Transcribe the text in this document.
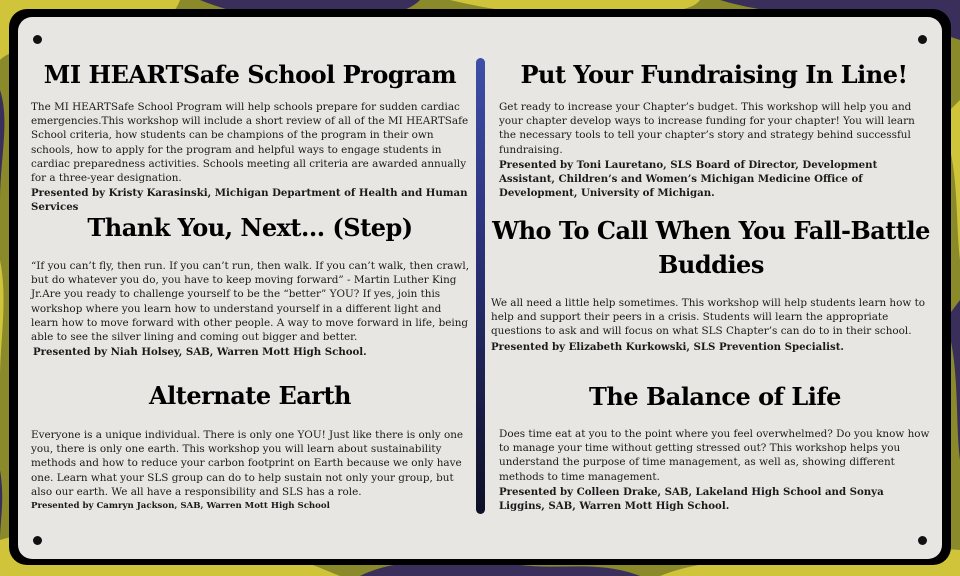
MI HEARTSafe School Program

The MI HEARTSafe School Program will help schools prepare for sudden cardiac emergencies.This workshop will include a short review of all of the MI HEARTSafe School criteria, how students can be champions of the program in their own schools, how to apply for the program and helpful ways to engage students in cardiac preparedness activities. Schools meeting all criteria are awarded annually for a three-year designation.

Presented by Kristy Karasinski, Michigan Department of Health and Human Services
Thank You, Next... (Step)

“If you can’t fly, then run. If you can’t run, then walk. If you can’t walk, then crawl, but do whatever you do, you have to keep moving forward” - Martin Luther King Jr.Are you ready to challenge yourself to be the “better” YOU? If yes, join this workshop where you learn how to understand yourself in a different light and learn how to move forward with other people. A way to move forward in life, being able to see the silver lining and coming out bigger and better.

Presented by Niah Holsey, SAB, Warren Mott High School.
Alternate Earth

Everyone is a unique individual. There is only one YOU! Just like there is only one you, there is only one earth. This workshop you will learn about sustainability methods and how to reduce your carbon footprint on Earth because we only have one. Learn what your SLS group can do to help sustain not only your group, but also our earth. We all have a responsibility and SLS has a role.

Presented by Camryn Jackson, SAB, Warren Mott High School
Put Your Fundraising In Line!

Get ready to increase your Chapter’s budget. This workshop will help you and your chapter develop ways to increase funding for your chapter! You will learn the necessary tools to tell your chapter’s story and strategy behind successful fundraising.

Presented by Toni Lauretano, SLS Board of Director, Development Assistant, Children’s and Women’s Michigan Medicine Office of Development, University of Michigan.
Who To Call When You Fall-Battle Buddies

We all need a little help sometimes. This workshop will help students learn how to help and support their peers in a crisis. Students will learn the appropriate questions to ask and will focus on what SLS Chapter’s can do to in their school.

Presented by Elizabeth Kurkowski, SLS Prevention Specialist.
The Balance of Life

Does time eat at you to the point where you feel overwhelmed? Do you know how to manage your time without getting stressed out? This workshop helps you understand the purpose of time management, as well as, showing different methods to time management.

Presented by Colleen Drake, SAB, Lakeland High School and Sonya Liggins, SAB, Warren Mott High School.
